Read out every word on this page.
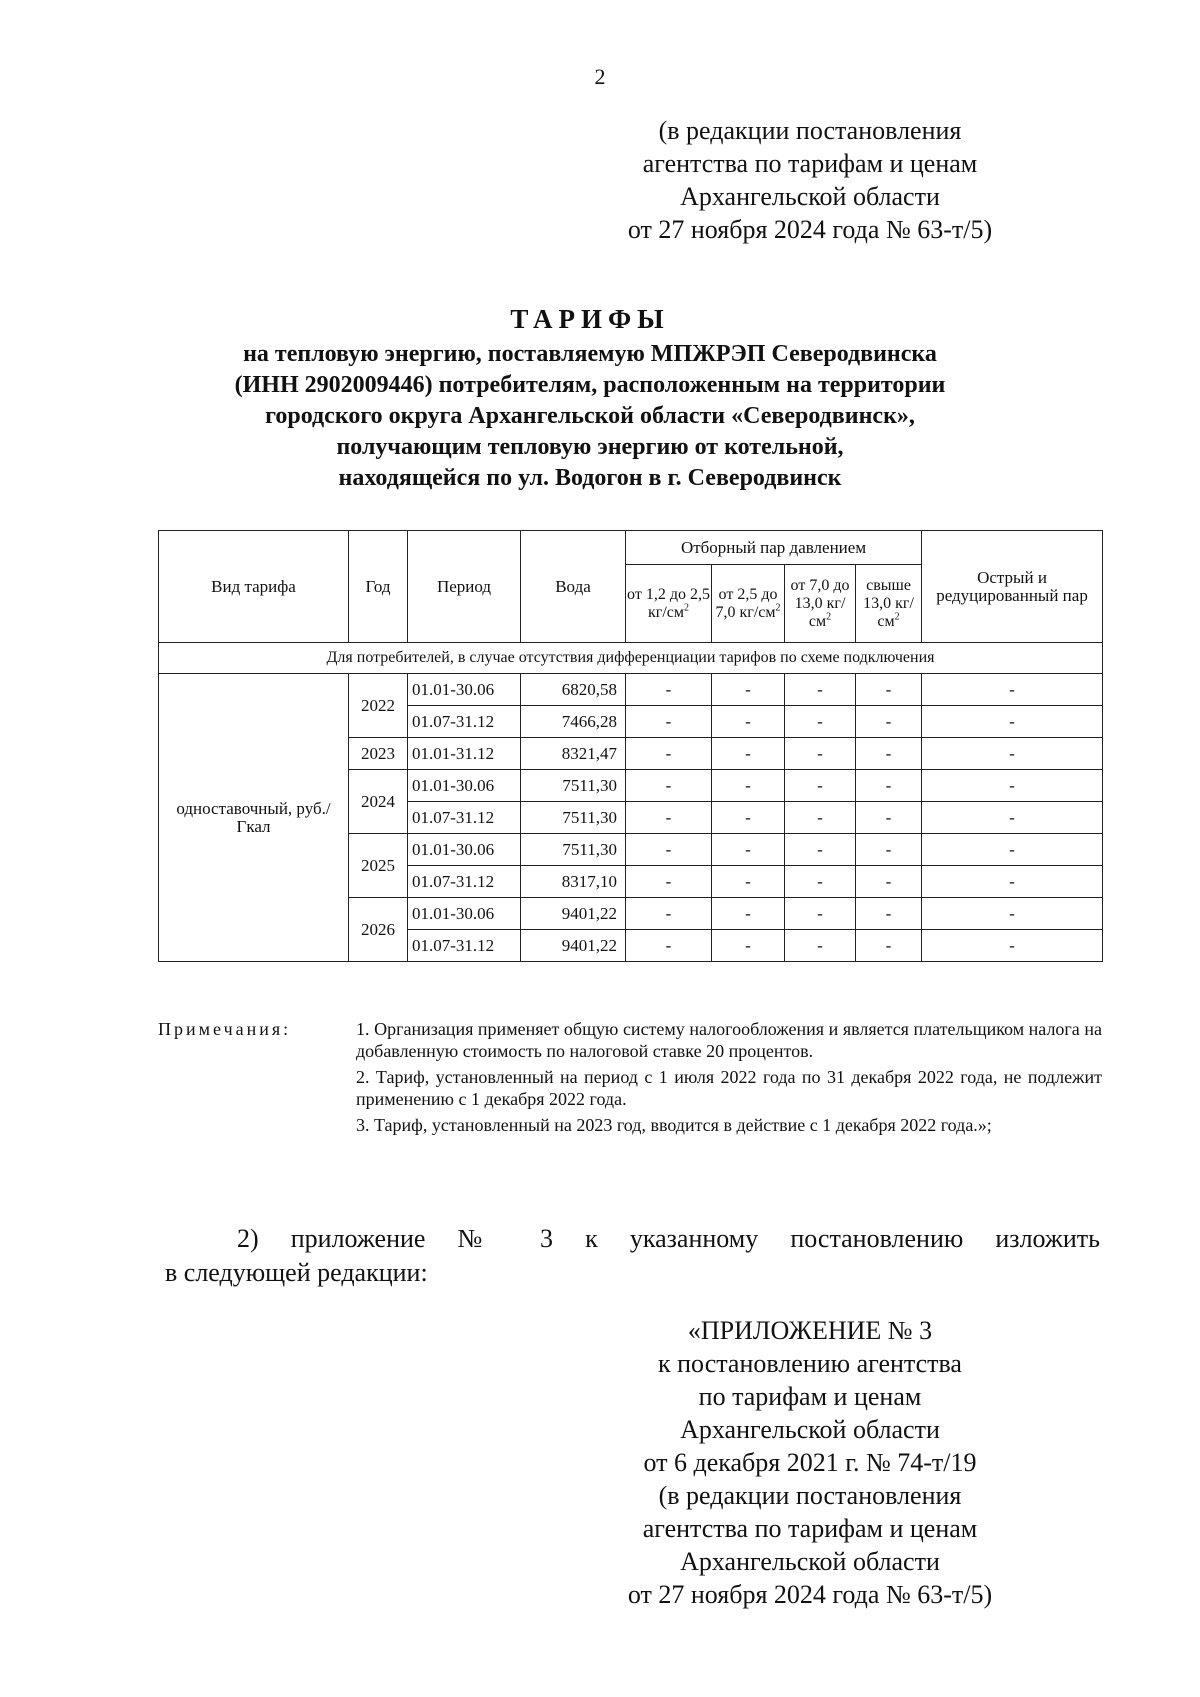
2
(в редакции постановления
агентства по тарифам и ценам
Архангельской области
от 27 ноября 2024 года № 63-т/5)
ТАРИФЫ
на тепловую энергию, поставляемую МПЖРЭП Северодвинска
(ИНН 2902009446) потребителям, расположенным на территории
городского округа Архангельской области «Северодвинск»,
получающим тепловую энергию от котельной,
находящейся по ул. Водогон в г. Северодвинск
Вид тарифа	Год	Период	Вода	Отборный пар давлением				Острый и редуцированный пар
				от 1,2 до 2,5 $кг/см^2$	от 2,5 до 7,0 $кг/см^2$	от 7,0 до 13,0 $кг/см^2$	свыше 13,0 $кг/см^2$
Для потребителей, в случае отсутствия дифференциации тарифов по схеме подключения								
одноставочный, руб./Гкал	2022	01.01-30.06	6820,58	-	-	-	-	-
		01.07-31.12	7466,28	-	-	-	-	-
	2023	01.01-31.12	8321,47	-	-	-	-	-
	2024	01.01-30.06	7511,30	-	-	-	-	-
		01.07-31.12	7511,30	-	-	-	-	-
	2025	01.01-30.06	7511,30	-	-	-	-	-
		01.07-31.12	8317,10	-	-	-	-	-
	2026	01.01-30.06	9401,22	-	-	-	-	-
		01.07-31.12	9401,22	-	-	-	-	-
Примечания:	1. Организация применяет общую систему налогообложения и является плательщиком налога на добавленную стоимость по налоговой ставке 20 процентов.

2. Тариф, установленный на период с 1 июля 2022 года по 31 декабря 2022 года, не подлежит применению с 1 декабря 2022 года.

3. Тариф, установленный на 2023 год, вводится в действие с 1 декабря 2022 года.»;

2) приложение № 3 к указанному постановлению изложить

в следующей редакции:
«ПРИЛОЖЕНИЕ № 3
к постановлению агентства
по тарифам и ценам
Архангельской области
от 6 декабря 2021 г. № 74-т/19
(в редакции постановления
агентства по тарифам и ценам
Архангельской области
от 27 ноября 2024 года № 63-т/5)
